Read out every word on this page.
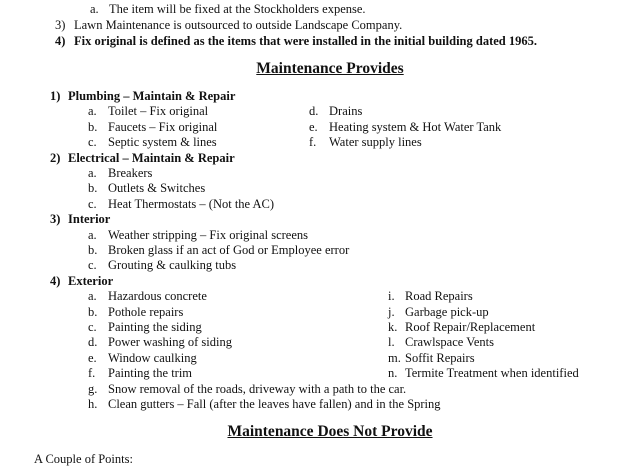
a. The item will be fixed at the Stockholders expense.
3) Lawn Maintenance is outsourced to outside Landscape Company.
4) Fix original is defined as the items that were installed in the initial building dated 1965.
Maintenance Provides
1) Plumbing – Maintain & Repair
a. Toilet – Fix original
b. Faucets – Fix original
c. Septic system & lines
d. Drains
e. Heating system & Hot Water Tank
f. Water supply lines
2) Electrical – Maintain & Repair
a. Breakers
b. Outlets & Switches
c. Heat Thermostats – (Not the AC)
3) Interior
a. Weather stripping – Fix original screens
b. Broken glass if an act of God or Employee error
c. Grouting & caulking tubs
4) Exterior
a. Hazardous concrete
b. Pothole repairs
c. Painting the siding
d. Power washing of siding
e. Window caulking
f. Painting the trim
g. Snow removal of the roads, driveway with a path to the car.
h. Clean gutters – Fall (after the leaves have fallen) and in the Spring
i. Road Repairs
j. Garbage pick-up
k. Roof Repair/Replacement
l. Crawlspace Vents
m. Soffit Repairs
n. Termite Treatment when identified
Maintenance Does Not Provide
A Couple of Points:
